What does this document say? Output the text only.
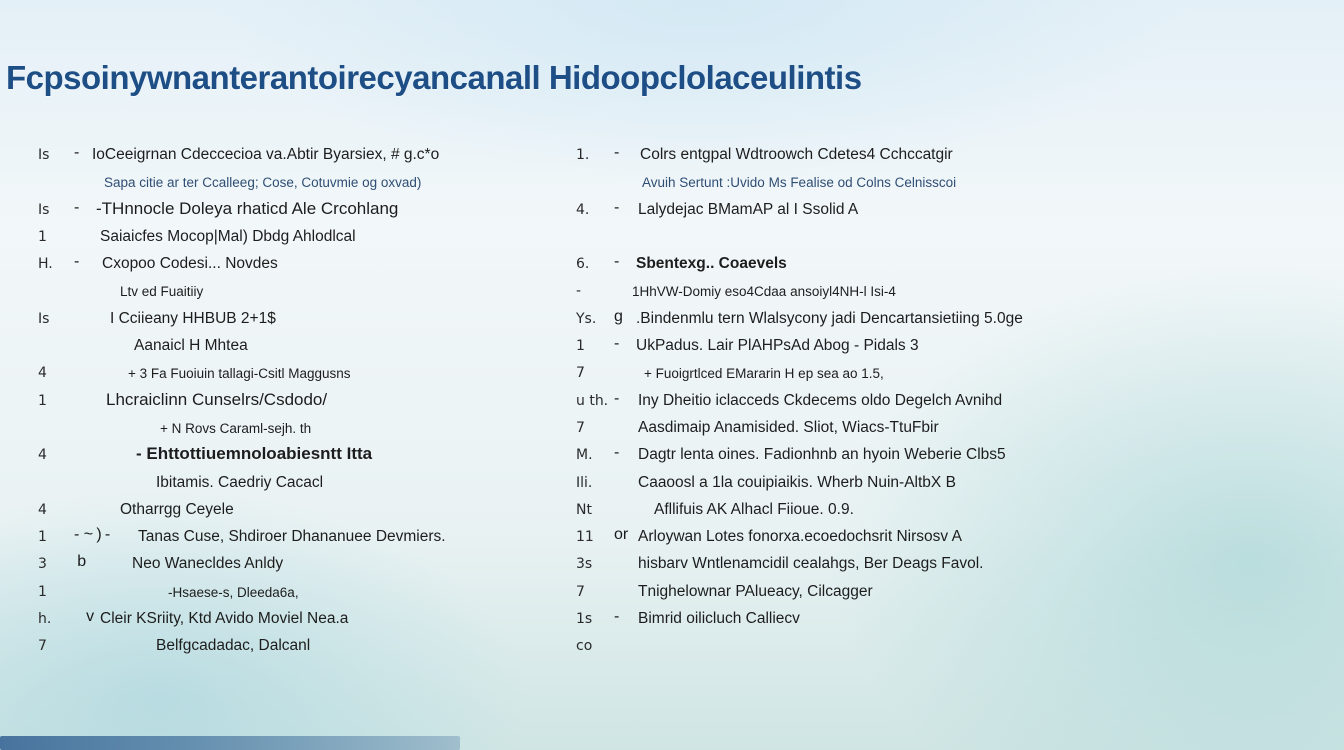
Fcpsoinywnanterantoirecyancanall Hidoopclolaceulintis
Is - IoCeeigrnan Cdeccecioa va.Abtir Byarsiex, # g.c*o
Sapa citie ar ter Ccalleeg; Cose, Cotuvmie og oxvad)
Is - -THnnocle Doleya rhaticd Ale Crcohlang
1	Saiaicfes Mocop|Mal) Dbdg Ahlodlcal
H. - Cxopoo Codesi... Novdes
Ltv ed Fuaitiiy
Is	I Cciieany HHBUB 2+1$
Aanaicl H Mhtea
4	+ 3 Fa Fuoiuin tallagi-Csitl Maggusns
1	Lhcraiclinn Cunselrs/Csdodo/
+ N Rovs Caraml-sejh. th
4	- Ehttottiuemnoloabiesntt Itta
Ibitamis. Caedriy Cacacl
4	Otharrgg Ceyele
1 - ~ ) - Tanas Cuse, Shdiroer Dhananuee Devmiers.
3  b	Neo Wanecldes Anldy
1	-Hsaese-s, Dleeda6a,
h.  v Cleir KSriity, Ktd Avido Moviel Nea.a
7	Belfgcadadac, Dalcanl
1. - Colrs entgpal Wdtroowch Cdetes4 Cchccatgir
Avuih Sertunt :Uvido Ms Fealise od Colns Celnisscoi
4. - Lalydejac BMamAP al I Ssolid A
6. - Sbentexg.. Coaevels
-	1HhVW-Domiy eso4Cdaa ansoiyl4NH-l Isi-4
Ys. g .Bindenmlu tern Wlalsycony jadi Dencartansietiing 5.0ge
1 - UkPadus. Lair PlAHPsAd Abog - Pidals 3
7	+ Fuoigrtlced EMararin H ep sea ao 1.5,
u th. - Iny Dheitio iclacceds Ckdecems oldo Degelch Avnihd
7	Aasdimaip Anamisided. Sliot, Wiacs-TtuFbir
M. - Dagtr lenta oines. Fadionhnb an hyoin Weberie Clbs5
Ili.	Caaoosl a 1la couipiaikis. Wherb Nuin-AltbX B
Nt	Afllifuis AK Alhacl Fiioue. 0.9.
11 or Arloywan Lotes fonorxa.ecoedochsrit Nirsosv A
3s	hisbarv Wntlenamcidil cealahgs, Ber Deags Favol.
7	Tnighelownar PAlueacy, Cilcagger
1s - Bimrid oilicluch Calliecv
co
